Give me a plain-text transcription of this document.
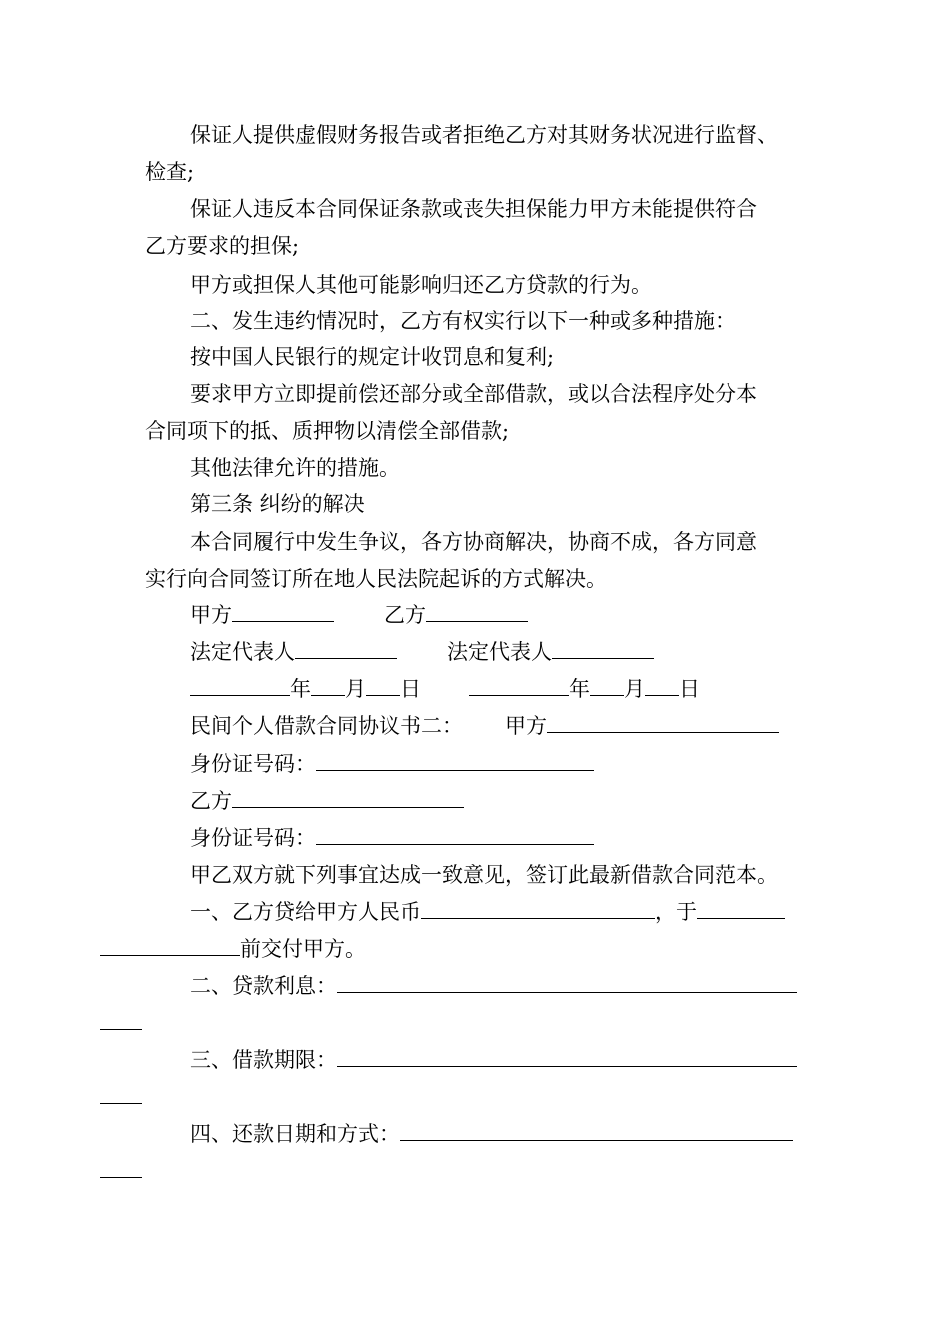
保证人提供虚假财务报告或者拒绝乙方对其财务状况进行监督、
检查;

保证人违反本合同保证条款或丧失担保能力甲方未能提供符合
乙方要求的担保;

甲方或担保人其他可能影响归还乙方贷款的行为。

二、发生违约情况时，乙方有权实行以下一种或多种措施：

按中国人民银行的规定计收罚息和复利;

要求甲方立即提前偿还部分或全部借款，或以合法程序处分本
合同项下的抵、质押物以清偿全部借款;

其他法律允许的措施。

第三条 纠纷的解决

本合同履行中发生争议，各方协商解决，协商不成，各方同意
实行向合同签订所在地人民法院起诉的方式解决。

甲方	乙方

法定代表人	法定代表人

年 月 日	年 月 日

民间个人借款合同协议书二： 甲方

身份证号码：

乙方

身份证号码：

甲乙双方就下列事宜达成一致意见，签订此最新借款合同范本。

一、乙方贷给甲方人民币	，于
前交付甲方。

二、贷款利息：

三、借款期限：

四、还款日期和方式：
